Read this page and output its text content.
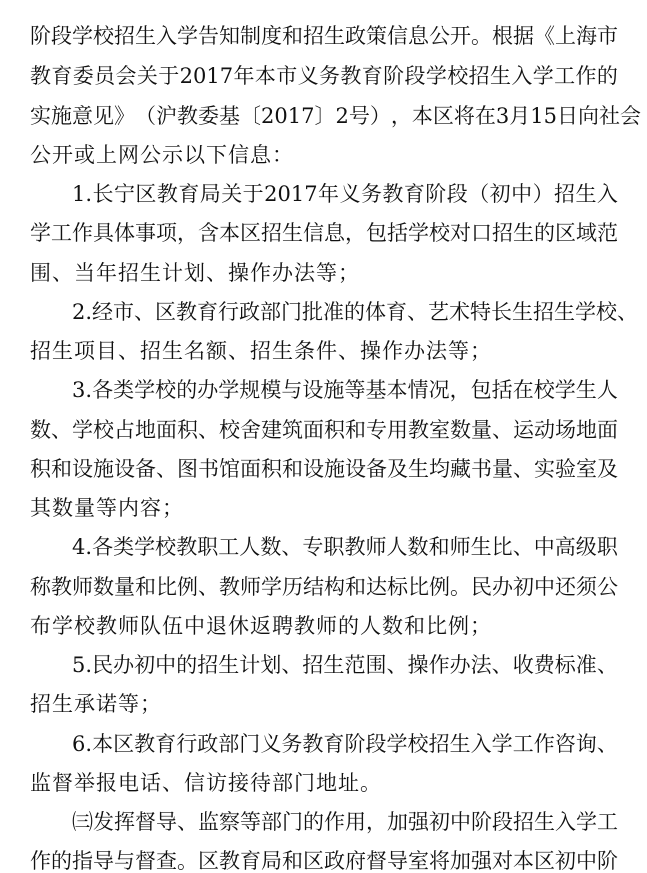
阶 段 学 校 招 生 入 学 告 知 制 度 和 招 生 政 策 信 息 公 开 。 根 据 《 上 海 市
教 育 委 员 会 关 于 2017 年 本 市 义 务 教 育 阶 段 学 校 招 生 入 学 工 作 的
实 施 意 见 》 （ 沪 教 委 基 〔 2017 〕 2 号 ） ， 本 区 将 在 3 月 15 日 向 社 会
公 开 或 上 网 公 示 以 下 信 息 ：
1. 长 宁 区 教 育 局 关 于 2017 年 义 务 教 育 阶 段 （ 初 中 ） 招 生 入
学 工 作 具 体 事 项 ， 含 本 区 招 生 信 息 ， 包 括 学 校 对 口 招 生 的 区 域 范
围 、 当 年 招 生 计 划 、 操 作 办 法 等 ；
2. 经 市 、 区 教 育 行 政 部 门 批 准 的 体 育 、 艺 术 特 长 生 招 生 学 校 、
招 生 项 目 、 招 生 名 额 、 招 生 条 件 、 操 作 办 法 等 ；
3. 各 类 学 校 的 办 学 规 模 与 设 施 等 基 本 情 况 ， 包 括 在 校 学 生 人
数 、 学 校 占 地 面 积 、 校 舍 建 筑 面 积 和 专 用 教 室 数 量 、 运 动 场 地 面
积 和 设 施 设 备 、 图 书 馆 面 积 和 设 施 设 备 及 生 均 藏 书 量 、 实 验 室 及
其 数 量 等 内 容 ；
4. 各 类 学 校 教 职 工 人 数 、 专 职 教 师 人 数 和 师 生 比 、 中 高 级 职
称 教 师 数 量 和 比 例 、 教 师 学 历 结 构 和 达 标 比 例 。 民 办 初 中 还 须 公
布 学 校 教 师 队 伍 中 退 休 返 聘 教 师 的 人 数 和 比 例 ；
5. 民 办 初 中 的 招 生 计 划 、 招 生 范 围 、 操 作 办 法 、 收 费 标 准 、
招 生 承 诺 等 ；
6. 本 区 教 育 行 政 部 门 义 务 教 育 阶 段 学 校 招 生 入 学 工 作 咨 询 、
监 督 举 报 电 话 、 信 访 接 待 部 门 地 址 。
㈢ 发 挥 督 导 、 监 察 等 部 门 的 作 用 ， 加 强 初 中 阶 段 招 生 入 学 工
作 的 指 导 与 督 查 。 区 教 育 局 和 区 政 府 督 导 室 将 加 强 对 本 区 初 中 阶
